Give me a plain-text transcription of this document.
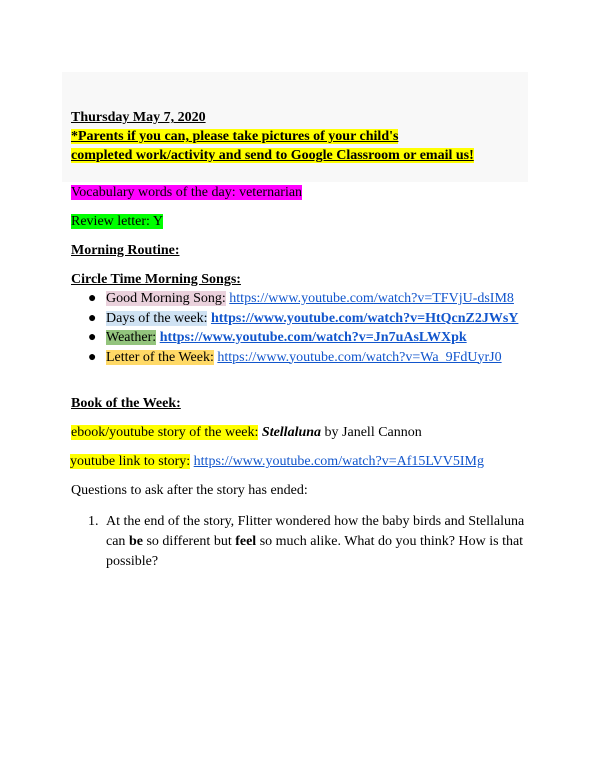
Thursday May 7, 2020
*Parents if you can, please take pictures of your child's
completed work/activity and send to Google Classroom or email us!
Vocabulary words of the day: veternarian
Review letter: Y
Morning Routine:
Circle Time Morning Songs:
● Good Morning Song: https://www.youtube.com/watch?v=TFVjU-dsIM8
● Days of the week: https://www.youtube.com/watch?v=HtQcnZ2JWsY
● Weather: https://www.youtube.com/watch?v=Jn7uAsLWXpk
● Letter of the Week: https://www.youtube.com/watch?v=Wa_9FdUyrJ0
Book of the Week:
ebook/youtube story of the week: Stellaluna by Janell Cannon
youtube link to story: https://www.youtube.com/watch?v=Af15LVV5IMg
Questions to ask after the story has ended:
1. At the end of the story, Flitter wondered how the baby birds and Stellaluna can be so different but feel so much alike. What do you think? How is that possible?
